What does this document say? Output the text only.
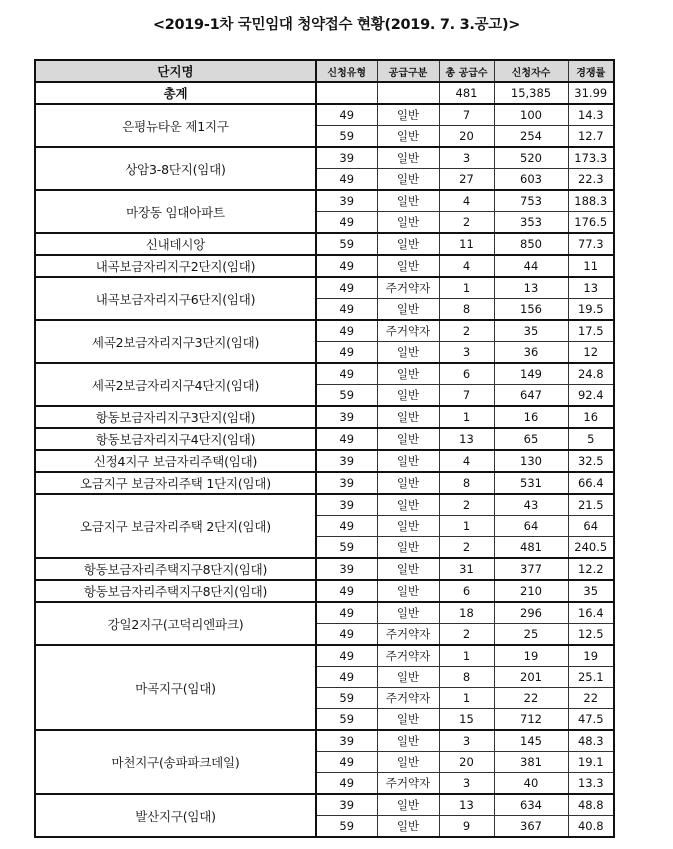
<2019-1차 국민임대 청약접수 현황(2019. 7. 3.공고)>
단지명	신청유형	공급구분	총 공급수	신청자수	경쟁률
총계			481	15,385	31.99
은평뉴타운 제1지구	49	일반	7	100	14.3
	59	일반	20	254	12.7
상암3-8단지(임대)	39	일반	3	520	173.3
	49	일반	27	603	22.3
마장동 임대아파트	39	일반	4	753	188.3
	49	일반	2	353	176.5
신내데시앙	59	일반	11	850	77.3
내곡보금자리지구2단지(임대)	49	일반	4	44	11
내곡보금자리지구6단지(임대)	49	주거약자	1	13	13
	49	일반	8	156	19.5
세곡2보금자리지구3단지(임대)	49	주거약자	2	35	17.5
	49	일반	3	36	12
세곡2보금자리지구4단지(임대)	49	일반	6	149	24.8
	59	일반	7	647	92.4
항동보금자리지구3단지(임대)	39	일반	1	16	16
항동보금자리지구4단지(임대)	49	일반	13	65	5
신정4지구 보금자리주택(임대)	39	일반	4	130	32.5
오금지구 보금자리주택 1단지(임대)	39	일반	8	531	66.4
오금지구 보금자리주택 2단지(임대)	39	일반	2	43	21.5
	49	일반	1	64	64
	59	일반	2	481	240.5
항동보금자리주택지구8단지(임대)	39	일반	31	377	12.2
항동보금자리주택지구8단지(임대)	49	일반	6	210	35
강일2지구(고덕리엔파크)	49	일반	18	296	16.4
	49	주거약자	2	25	12.5
마곡지구(임대)	49	주거약자	1	19	19
	49	일반	8	201	25.1
	59	주거약자	1	22	22
	59	일반	15	712	47.5
마천지구(송파파크데일)	39	일반	3	145	48.3
	49	일반	20	381	19.1
	49	주거약자	3	40	13.3
발산지구(임대)	39	일반	13	634	48.8
	59	일반	9	367	40.8
